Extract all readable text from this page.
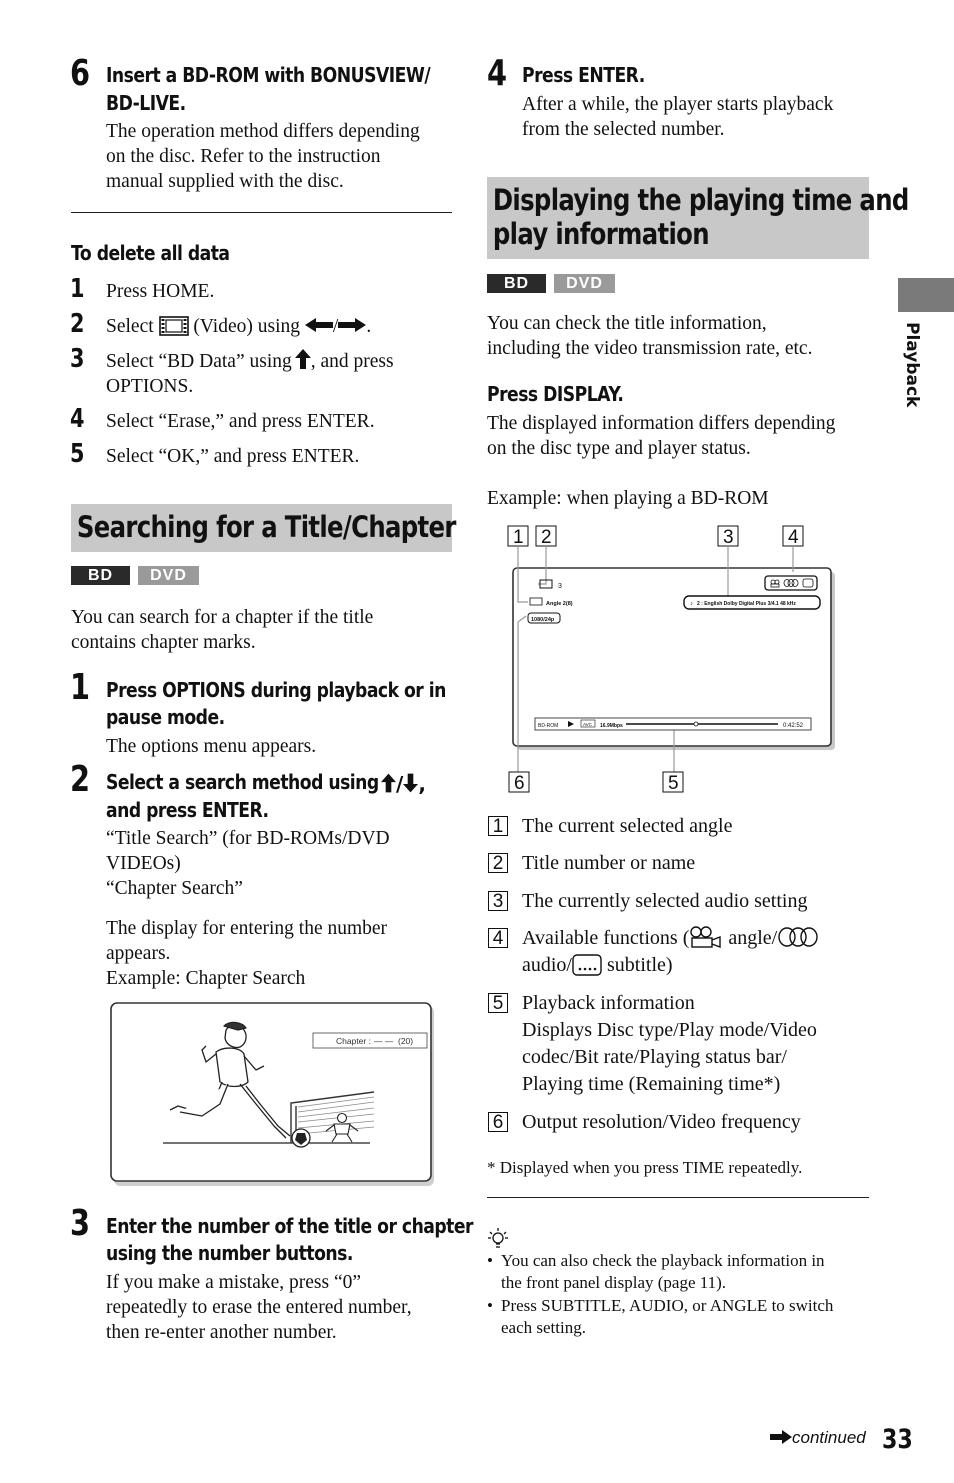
6 Insert a BD-ROM with BONUSVIEW/
BD-LIVE.
The operation method differs depending
on the disc. Refer to the instruction
manual supplied with the disc.
To delete all data
1 Press HOME.
2 Select (Video) using / .
3 Select “BD Data” using , and press
OPTIONS.
4 Select “Erase,” and press ENTER.
5 Select “OK,” and press ENTER.
Searching for a Title/Chapter
BD	DVD
You can search for a chapter if the title
contains chapter marks.
1 Press OPTIONS during playback or in
pause mode.
The options menu appears.
2 Select a search method using / ,
and press ENTER.
“Title Search” (for BD-ROMs/DVD
VIDEOs)
“Chapter Search”
The display for entering the number
appears.
Example: Chapter Search
Chapter : — — (20)
3 Enter the number of the title or chapter
using the number buttons.
If you make a mistake, press “0”
repeatedly to erase the entered number,
then re-enter another number.
4 Press ENTER.
After a while, the player starts playback
from the selected number.
Displaying the playing time and
play information
BD	DVD
You can check the title information,
including the video transmission rate, etc.
Press DISPLAY.
The displayed information differs depending
on the disc type and player status.
Example: when playing a BD-ROM
1 2	3	4
3
Angle 2(8)	♪ 2 : English Dolby Digital Plus 3/4.1 48 kHz
1080/24p
BD-ROM	AVC 16.9Mbps	0:42:52
6	5
1 The current selected angle
2 Title number or name
3 The currently selected audio setting
4 Available functions ( angle/
audio/ subtitle)
5 Playback information
Displays Disc type/Play mode/Video
codec/Bit rate/Playing status bar/
Playing time (Remaining time*)
6 Output resolution/Video frequency
* Displayed when you press TIME repeatedly.
• You can also check the playback information in
the front panel display (page 11).
• Press SUBTITLE, AUDIO, or ANGLE to switch
each setting.
Playback
continued 33
